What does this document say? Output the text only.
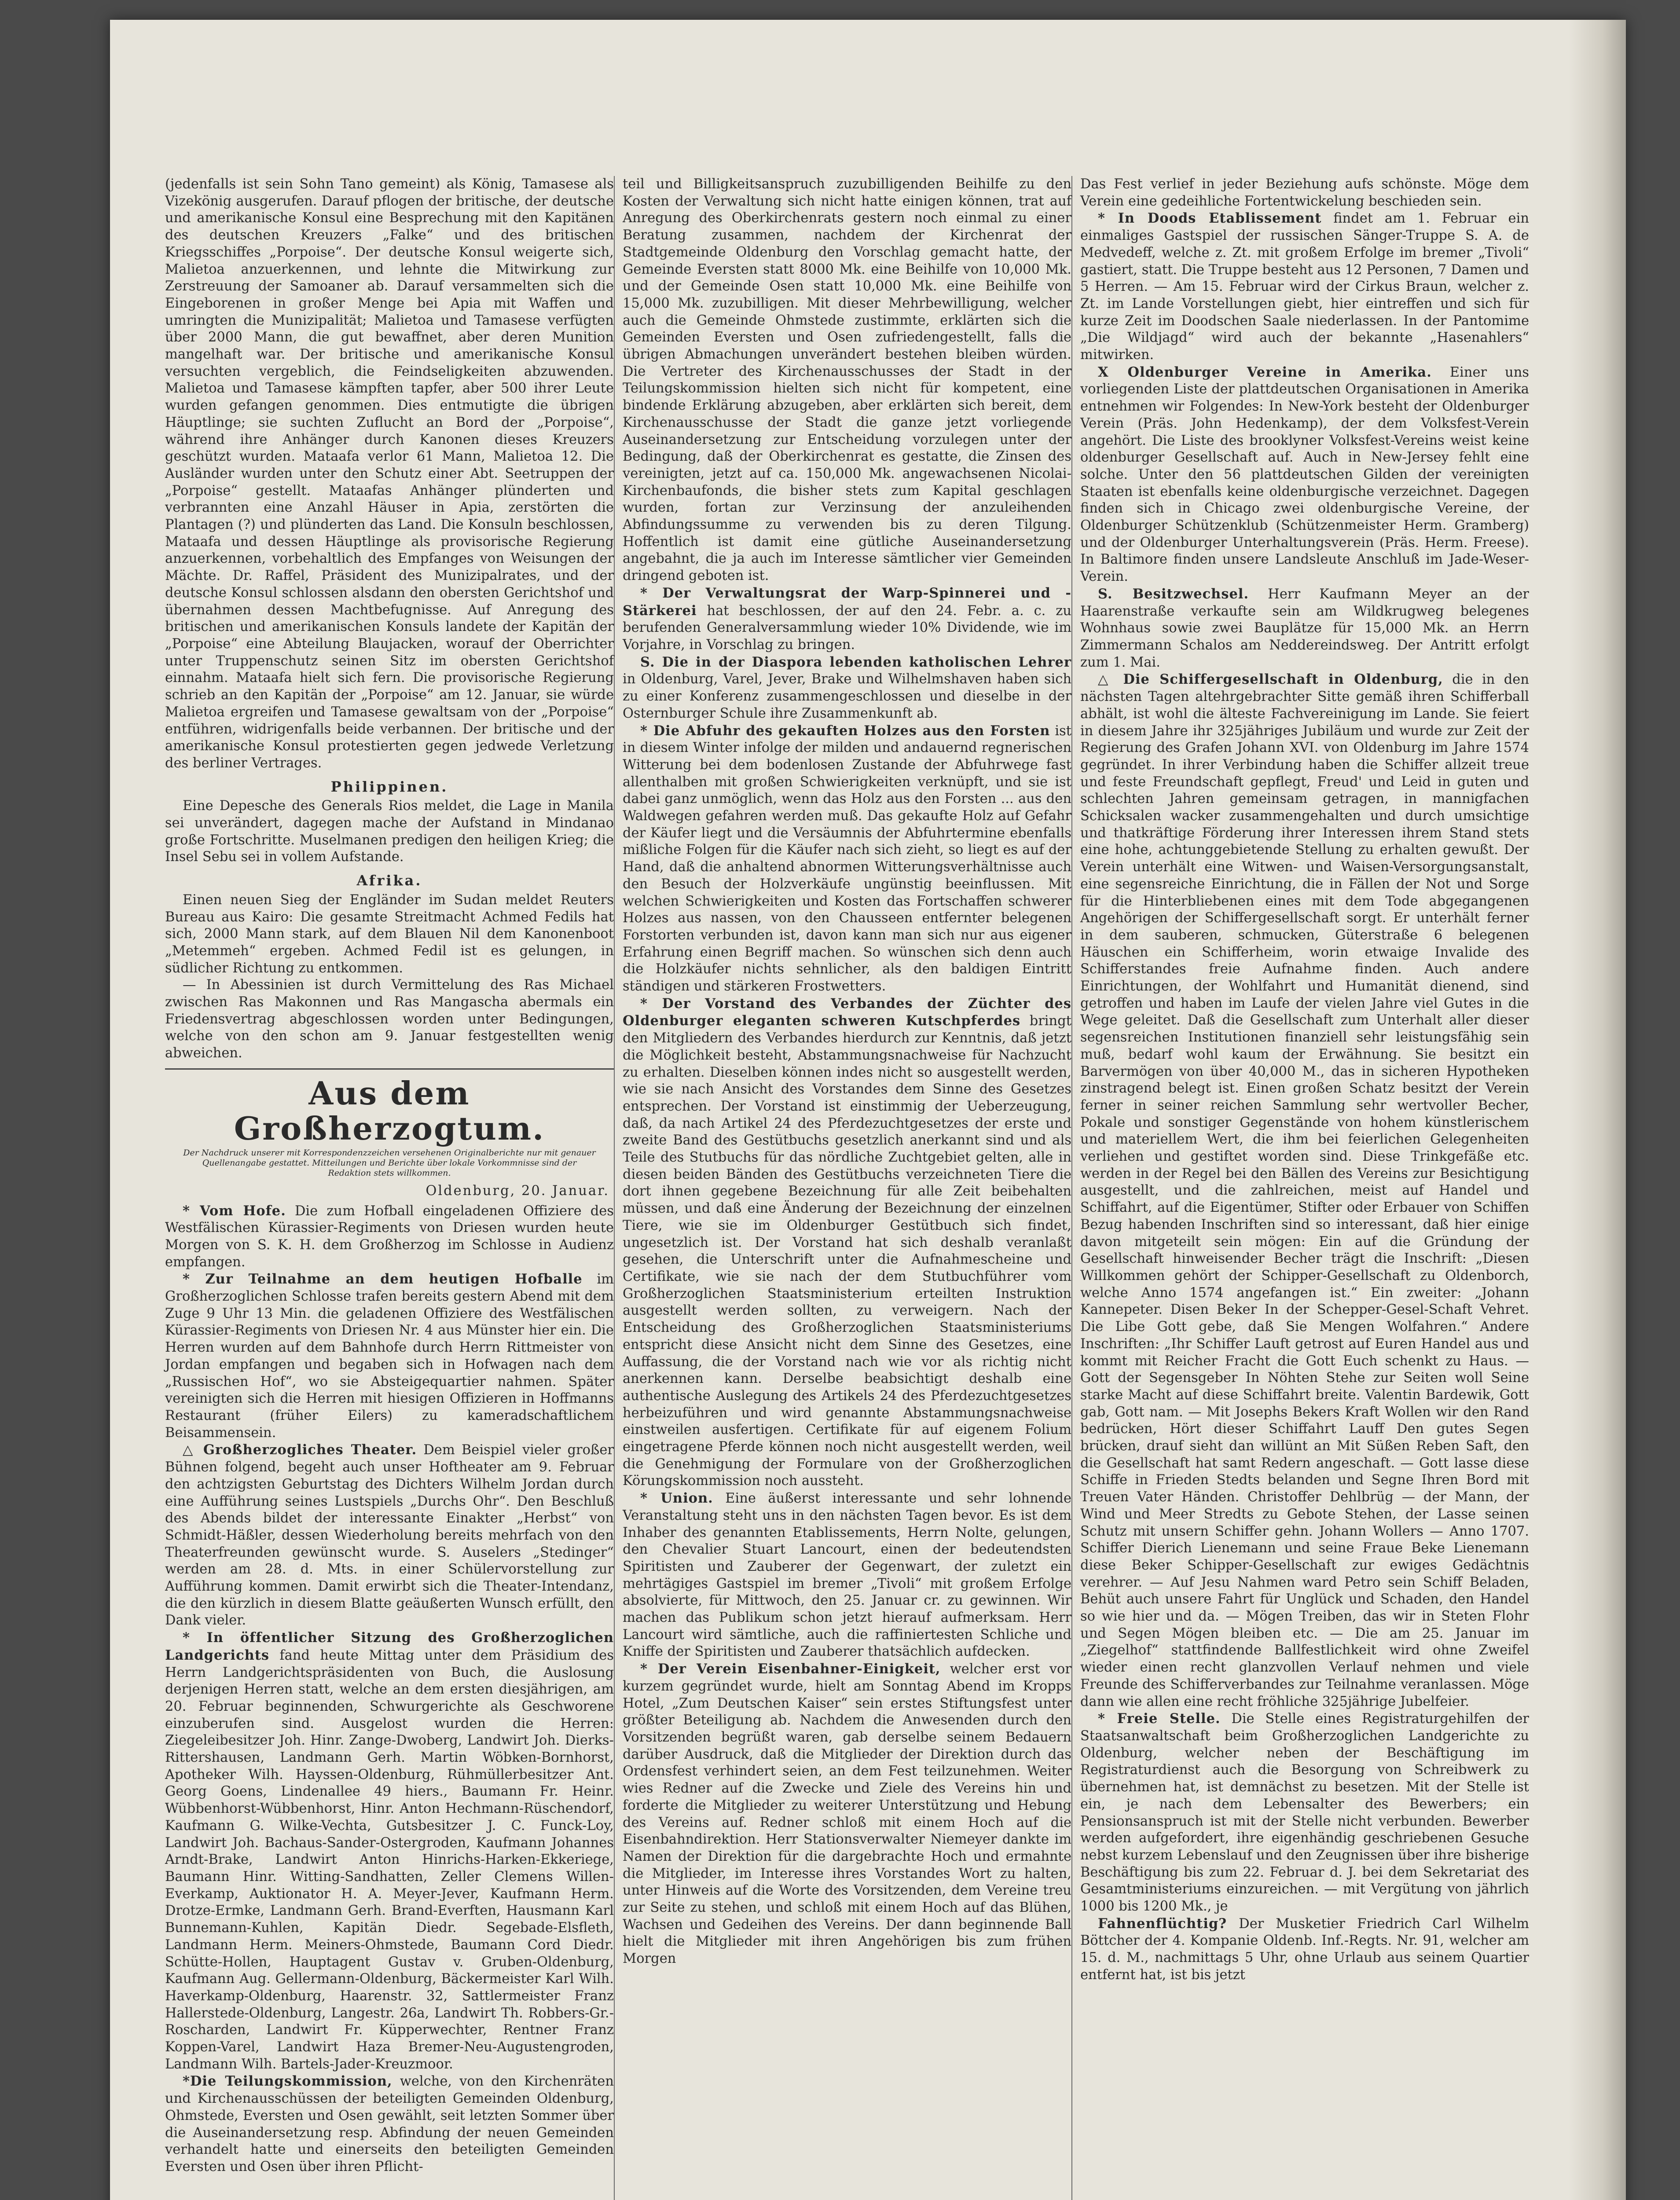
(jedenfalls ist sein Sohn Tano gemeint) als König, Tamasese als Vizekönig ausgerufen. Darauf pflogen der britische, der deutsche und amerikanische Konsul eine Besprechung mit den Kapitänen des deutschen Kreuzers „Falke“ und des britischen Kriegsschiffes „Porpoise“. Der deutsche Konsul weigerte sich, Malietoa anzuerkennen, und lehnte die Mitwirkung zur Zerstreuung der Samoaner ab. Darauf versammelten sich die Eingeborenen in großer Menge bei Apia mit Waffen und umringten die Munizipalität; Malietoa und Tamasese verfügten über 2000 Mann, die gut bewaffnet, aber deren Munition mangelhaft war. Der britische und amerikanische Konsul versuchten vergeblich, die Feindseligkeiten abzuwenden. Malietoa und Tamasese kämpften tapfer, aber 500 ihrer Leute wurden gefangen genommen. Dies entmutigte die übrigen Häuptlinge; sie suchten Zuflucht an Bord der „Porpoise“, während ihre Anhänger durch Kanonen dieses Kreuzers geschützt wurden. Mataafa verlor 61 Mann, Malietoa 12. Die Ausländer wurden unter den Schutz einer Abt. Seetruppen der „Porpoise“ gestellt. Mataafas Anhänger plünderten und verbrannten eine Anzahl Häuser in Apia, zerstörten die Plantagen (?) und plünderten das Land. Die Konsuln beschlossen, Mataafa und dessen Häuptlinge als provisorische Regierung anzuerkennen, vorbehaltlich des Empfanges von Weisungen der Mächte. Dr. Raffel, Präsident des Munizipalrates, und der deutsche Konsul schlossen alsdann den obersten Gerichtshof und übernahmen dessen Machtbefugnisse. Auf Anregung des britischen und amerikanischen Konsuls landete der Kapitän der „Porpoise“ eine Abteilung Blaujacken, worauf der Oberrichter unter Truppenschutz seinen Sitz im obersten Gerichtshof einnahm. Mataafa hielt sich fern. Die provisorische Regierung schrieb an den Kapitän der „Porpoise“ am 12. Januar, sie würde Malietoa ergreifen und Tamasese gewaltsam von der „Porpoise“ entführen, widrigenfalls beide verbannen. Der britische und der amerikanische Konsul protestierten gegen jedwede Verletzung des berliner Vertrages.

Philippinen.

Eine Depesche des Generals Rios meldet, die Lage in Manila sei unverändert, dagegen mache der Aufstand in Mindanao große Fortschritte. Muselmanen predigen den heiligen Krieg; die Insel Sebu sei in vollem Aufstande.

Afrika.

Einen neuen Sieg der Engländer im Sudan meldet Reuters Bureau aus Kairo: Die gesamte Streitmacht Achmed Fedils hat sich, 2000 Mann stark, auf dem Blauen Nil dem Kanonenboot „Metemmeh“ ergeben. Achmed Fedil ist es gelungen, in südlicher Richtung zu entkommen.

— In Abessinien ist durch Vermittelung des Ras Michael zwischen Ras Makonnen und Ras Mangascha abermals ein Friedensvertrag abgeschlossen worden unter Bedingungen, welche von den schon am 9. Januar festgestellten wenig abweichen.

Aus dem Großherzogtum.
Der Nachdruck unserer mit Korrespondenzzeichen versehenen Originalberichte nur mit genauer Quellenangabe gestattet. Mitteilungen und Berichte über lokale Vorkommnisse sind der Redaktion stets willkommen.
Oldenburg, 20. Januar.

* Vom Hofe. Die zum Hofball eingeladenen Offiziere des Westfälischen Kürassier-Regiments von Driesen wurden heute Morgen von S. K. H. dem Großherzog im Schlosse in Audienz empfangen.

* Zur Teilnahme an dem heutigen Hofballe im Großherzoglichen Schlosse trafen bereits gestern Abend mit dem Zuge 9 Uhr 13 Min. die geladenen Offiziere des Westfälischen Kürassier-Regiments von Driesen Nr. 4 aus Münster hier ein. Die Herren wurden auf dem Bahnhofe durch Herrn Rittmeister von Jordan empfangen und begaben sich in Hofwagen nach dem „Russischen Hof“, wo sie Absteigequartier nahmen. Später vereinigten sich die Herren mit hiesigen Offizieren in Hoffmanns Restaurant (früher Eilers) zu kameradschaftlichem Beisammensein.

△ Großherzogliches Theater. Dem Beispiel vieler großer Bühnen folgend, begeht auch unser Hoftheater am 9. Februar den achtzigsten Geburtstag des Dichters Wilhelm Jordan durch eine Aufführung seines Lustspiels „Durchs Ohr“. Den Beschluß des Abends bildet der interessante Einakter „Herbst“ von Schmidt-Häßler, dessen Wiederholung bereits mehrfach von den Theaterfreunden gewünscht wurde. S. Auselers „Stedinger“ werden am 28. d. Mts. in einer Schülervorstellung zur Aufführung kommen. Damit erwirbt sich die Theater-Intendanz, die den kürzlich in diesem Blatte geäußerten Wunsch erfüllt, den Dank vieler.

* In öffentlicher Sitzung des Großherzoglichen Landgerichts fand heute Mittag unter dem Präsidium des Herrn Landgerichtspräsidenten von Buch, die Auslosung derjenigen Herren statt, welche an dem ersten diesjährigen, am 20. Februar beginnenden, Schwurgerichte als Geschworene einzuberufen sind. Ausgelost wurden die Herren: Ziegeleibesitzer Joh. Hinr. Zange-Dwoberg, Landwirt Joh. Dierks-Rittershausen, Landmann Gerh. Martin Wöbken-Bornhorst, Apotheker Wilh. Hayssen-Oldenburg, Rühmüllerbesitzer Ant. Georg Goens, Lindenallee 49 hiers., Baumann Fr. Heinr. Wübbenhorst-Wübbenhorst, Hinr. Anton Hechmann-Rüschendorf, Kaufmann G. Wilke-Vechta, Gutsbesitzer J. C. Funck-Loy, Landwirt Joh. Bachaus-Sander-Ostergroden, Kaufmann Johannes Arndt-Brake, Landwirt Anton Hinrichs-Harken-Ekkeriege, Baumann Hinr. Witting-Sandhatten, Zeller Clemens Willen-Everkamp, Auktionator H. A. Meyer-Jever, Kaufmann Herm. Drotze-Ermke, Landmann Gerh. Brand-Everften, Hausmann Karl Bunnemann-Kuhlen, Kapitän Diedr. Segebade-Elsfleth, Landmann Herm. Meiners-Ohmstede, Baumann Cord Diedr. Schütte-Hollen, Hauptagent Gustav v. Gruben-Oldenburg, Kaufmann Aug. Gellermann-Oldenburg, Bäckermeister Karl Wilh. Haverkamp-Oldenburg, Haarenstr. 32, Sattlermeister Franz Hallerstede-Oldenburg, Langestr. 26a, Landwirt Th. Robbers-Gr.-Roscharden, Landwirt Fr. Küpperwechter, Rentner Franz Koppen-Varel, Landwirt Haza Bremer-Neu-Augustengroden, Landmann Wilh. Bartels-Jader-Kreuzmoor.

*Die Teilungskommission, welche, von den Kirchenräten und Kirchenausschüssen der beteiligten Gemeinden Oldenburg, Ohmstede, Eversten und Osen gewählt, seit letzten Sommer über die Auseinandersetzung resp. Abfindung der neuen Gemeinden verhandelt hatte und einerseits den beteiligten Gemeinden Eversten und Osen über ihren Pflicht-

teil und Billigkeitsanspruch zuzubilligenden Beihilfe zu den Kosten der Verwaltung sich nicht hatte einigen können, trat auf Anregung des Oberkirchenrats gestern noch einmal zu einer Beratung zusammen, nachdem der Kirchenrat der Stadtgemeinde Oldenburg den Vorschlag gemacht hatte, der Gemeinde Eversten statt 8000 Mk. eine Beihilfe von 10,000 Mk. und der Gemeinde Osen statt 10,000 Mk. eine Beihilfe von 15,000 Mk. zuzubilligen. Mit dieser Mehrbewilligung, welcher auch die Gemeinde Ohmstede zustimmte, erklärten sich die Gemeinden Eversten und Osen zufriedengestellt, falls die übrigen Abmachungen unverändert bestehen bleiben würden. Die Vertreter des Kirchenausschusses der Stadt in der Teilungskommission hielten sich nicht für kompetent, eine bindende Erklärung abzugeben, aber erklärten sich bereit, dem Kirchenausschusse der Stadt die ganze jetzt vorliegende Auseinandersetzung zur Entscheidung vorzulegen unter der Bedingung, daß der Oberkirchenrat es gestatte, die Zinsen des vereinigten, jetzt auf ca. 150,000 Mk. angewachsenen Nicolai-Kirchenbaufonds, die bisher stets zum Kapital geschlagen wurden, fortan zur Verzinsung der anzuleihenden Abfindungssumme zu verwenden bis zu deren Tilgung. Hoffentlich ist damit eine gütliche Auseinandersetzung angebahnt, die ja auch im Interesse sämtlicher vier Gemeinden dringend geboten ist.

* Der Verwaltungsrat der Warp-Spinnerei und -Stärkerei hat beschlossen, der auf den 24. Febr. a. c. zu berufenden Generalversammlung wieder 10% Dividende, wie im Vorjahre, in Vorschlag zu bringen.

S. Die in der Diaspora lebenden katholischen Lehrer in Oldenburg, Varel, Jever, Brake und Wilhelmshaven haben sich zu einer Konferenz zusammengeschlossen und dieselbe in der Osternburger Schule ihre Zusammenkunft ab.

* Die Abfuhr des gekauften Holzes aus den Forsten ist in diesem Winter infolge der milden und andauernd regnerischen Witterung bei dem bodenlosen Zustande der Abfuhrwege fast allenthalben mit großen Schwierigkeiten verknüpft, und sie ist dabei ganz unmöglich, wenn das Holz aus den Forsten ... aus den Waldwegen gefahren werden muß. Das gekaufte Holz auf Gefahr der Käufer liegt und die Versäumnis der Abfuhrtermine ebenfalls mißliche Folgen für die Käufer nach sich zieht, so liegt es auf der Hand, daß die anhaltend abnormen Witterungsverhältnisse auch den Besuch der Holzverkäufe ungünstig beeinflussen. Mit welchen Schwierigkeiten und Kosten das Fortschaffen schwerer Holzes aus nassen, von den Chausseen entfernter belegenen Forstorten verbunden ist, davon kann man sich nur aus eigener Erfahrung einen Begriff machen. So wünschen sich denn auch die Holzkäufer nichts sehnlicher, als den baldigen Eintritt ständigen und stärkeren Frostwetters.

* Der Vorstand des Verbandes der Züchter des Oldenburger eleganten schweren Kutschpferdes bringt den Mitgliedern des Verbandes hierdurch zur Kenntnis, daß jetzt die Möglichkeit besteht, Abstammungsnachweise für Nachzucht zu erhalten. Dieselben können indes nicht so ausgestellt werden, wie sie nach Ansicht des Vorstandes dem Sinne des Gesetzes entsprechen. Der Vorstand ist einstimmig der Ueberzeugung, daß, da nach Artikel 24 des Pferdezuchtgesetzes der erste und zweite Band des Gestütbuchs gesetzlich anerkannt sind und als Teile des Stutbuchs für das nördliche Zuchtgebiet gelten, alle in diesen beiden Bänden des Gestütbuchs verzeichneten Tiere die dort ihnen gegebene Bezeichnung für alle Zeit beibehalten müssen, und daß eine Änderung der Bezeichnung der einzelnen Tiere, wie sie im Oldenburger Gestütbuch sich findet, ungesetzlich ist. Der Vorstand hat sich deshalb veranlaßt gesehen, die Unterschrift unter die Aufnahmescheine und Certifikate, wie sie nach der dem Stutbuchführer vom Großherzoglichen Staatsministerium erteilten Instruktion ausgestellt werden sollten, zu verweigern. Nach der Entscheidung des Großherzoglichen Staatsministeriums entspricht diese Ansicht nicht dem Sinne des Gesetzes, eine Auffassung, die der Vorstand nach wie vor als richtig nicht anerkennen kann. Derselbe beabsichtigt deshalb eine authentische Auslegung des Artikels 24 des Pferdezuchtgesetzes herbeizuführen und wird genannte Abstammungsnachweise einstweilen ausfertigen. Certifikate für auf eigenem Folium eingetragene Pferde können noch nicht ausgestellt werden, weil die Genehmigung der Formulare von der Großherzoglichen Körungskommission noch aussteht.

* Union. Eine äußerst interessante und sehr lohnende Veranstaltung steht uns in den nächsten Tagen bevor. Es ist dem Inhaber des genannten Etablissements, Herrn Nolte, gelungen, den Chevalier Stuart Lancourt, einen der bedeutendsten Spiritisten und Zauberer der Gegenwart, der zuletzt ein mehrtägiges Gastspiel im bremer „Tivoli“ mit großem Erfolge absolvierte, für Mittwoch, den 25. Januar cr. zu gewinnen. Wir machen das Publikum schon jetzt hierauf aufmerksam. Herr Lancourt wird sämtliche, auch die raffiniertesten Schliche und Kniffe der Spiritisten und Zauberer thatsächlich aufdecken.

* Der Verein Eisenbahner-Einigkeit, welcher erst vor kurzem gegründet wurde, hielt am Sonntag Abend im Kropps Hotel, „Zum Deutschen Kaiser“ sein erstes Stiftungsfest unter größter Beteiligung ab. Nachdem die Anwesenden durch den Vorsitzenden begrüßt waren, gab derselbe seinem Bedauern darüber Ausdruck, daß die Mitglieder der Direktion durch das Ordensfest verhindert seien, an dem Fest teilzunehmen. Weiter wies Redner auf die Zwecke und Ziele des Vereins hin und forderte die Mitglieder zu weiterer Unterstützung und Hebung des Vereins auf. Redner schloß mit einem Hoch auf die Eisenbahndirektion. Herr Stationsverwalter Niemeyer dankte im Namen der Direktion für die dargebrachte Hoch und ermahnte die Mitglieder, im Interesse ihres Vorstandes Wort zu halten, unter Hinweis auf die Worte des Vorsitzenden, dem Vereine treu zur Seite zu stehen, und schloß mit einem Hoch auf das Blühen, Wachsen und Gedeihen des Vereins. Der dann beginnende Ball hielt die Mitglieder mit ihren Angehörigen bis zum frühen Morgen

Das Fest verlief in jeder Beziehung aufs schönste. Möge dem Verein eine gedeihliche Fortentwickelung beschieden sein.

* In Doods Etablissement findet am 1. Februar ein einmaliges Gastspiel der russischen Sänger-Truppe S. A. de Medvedeff, welche z. Zt. mit großem Erfolge im bremer „Tivoli“ gastiert, statt. Die Truppe besteht aus 12 Personen, 7 Damen und 5 Herren. — Am 15. Februar wird der Cirkus Braun, welcher z. Zt. im Lande Vorstellungen giebt, hier eintreffen und sich für kurze Zeit im Doodschen Saale niederlassen. In der Pantomime „Die Wildjagd“ wird auch der bekannte „Hasenahlers“ mitwirken.

X Oldenburger Vereine in Amerika. Einer uns vorliegenden Liste der plattdeutschen Organisationen in Amerika entnehmen wir Folgendes: In New-York besteht der Oldenburger Verein (Präs. John Hedenkamp), der dem Volksfest-Verein angehört. Die Liste des brooklyner Volksfest-Vereins weist keine oldenburger Gesellschaft auf. Auch in New-Jersey fehlt eine solche. Unter den 56 plattdeutschen Gilden der vereinigten Staaten ist ebenfalls keine oldenburgische verzeichnet. Dagegen finden sich in Chicago zwei oldenburgische Vereine, der Oldenburger Schützenklub (Schützenmeister Herm. Gramberg) und der Oldenburger Unterhaltungsverein (Präs. Herm. Freese). In Baltimore finden unsere Landsleute Anschluß im Jade-Weser-Verein.

S. Besitzwechsel. Herr Kaufmann Meyer an der Haarenstraße verkaufte sein am Wildkrugweg belegenes Wohnhaus sowie zwei Bauplätze für 15,000 Mk. an Herrn Zimmermann Schalos am Neddereindsweg. Der Antritt erfolgt zum 1. Mai.

△ Die Schiffergesellschaft in Oldenburg, die in den nächsten Tagen altehrgebrachter Sitte gemäß ihren Schifferball abhält, ist wohl die älteste Fachvereinigung im Lande. Sie feiert in diesem Jahre ihr 325jähriges Jubiläum und wurde zur Zeit der Regierung des Grafen Johann XVI. von Oldenburg im Jahre 1574 gegründet. In ihrer Verbindung haben die Schiffer allzeit treue und feste Freundschaft gepflegt, Freud' und Leid in guten und schlechten Jahren gemeinsam getragen, in mannigfachen Schicksalen wacker zusammengehalten und durch umsichtige und thatkräftige Förderung ihrer Interessen ihrem Stand stets eine hohe, achtunggebietende Stellung zu erhalten gewußt. Der Verein unterhält eine Witwen- und Waisen-Versorgungsanstalt, eine segensreiche Einrichtung, die in Fällen der Not und Sorge für die Hinterbliebenen eines mit dem Tode abgegangenen Angehörigen der Schiffergesellschaft sorgt. Er unterhält ferner in dem sauberen, schmucken, Güterstraße 6 belegenen Häuschen ein Schifferheim, worin etwaige Invalide des Schifferstandes freie Aufnahme finden. Auch andere Einrichtungen, der Wohlfahrt und Humanität dienend, sind getroffen und haben im Laufe der vielen Jahre viel Gutes in die Wege geleitet. Daß die Gesellschaft zum Unterhalt aller dieser segensreichen Institutionen finanziell sehr leistungsfähig sein muß, bedarf wohl kaum der Erwähnung. Sie besitzt ein Barvermögen von über 40,000 M., das in sicheren Hypotheken zinstragend belegt ist. Einen großen Schatz besitzt der Verein ferner in seiner reichen Sammlung sehr wertvoller Becher, Pokale und sonstiger Gegenstände von hohem künstlerischem und materiellem Wert, die ihm bei feierlichen Gelegenheiten verliehen und gestiftet worden sind. Diese Trinkgefäße etc. werden in der Regel bei den Bällen des Vereins zur Besichtigung ausgestellt, und die zahlreichen, meist auf Handel und Schiffahrt, auf die Eigentümer, Stifter oder Erbauer von Schiffen Bezug habenden Inschriften sind so interessant, daß hier einige davon mitgeteilt sein mögen: Ein auf die Gründung der Gesellschaft hinweisender Becher trägt die Inschrift: „Diesen Willkommen gehört der Schipper-Gesellschaft zu Oldenborch, welche Anno 1574 angefangen ist.“ Ein zweiter: „Johann Kannepeter. Disen Beker In der Schepper-Gesel-Schaft Vehret. Die Libe Gott gebe, daß Sie Mengen Wolfahren.“ Andere Inschriften: „Ihr Schiffer Lauft getrost auf Euren Handel aus und kommt mit Reicher Fracht die Gott Euch schenkt zu Haus. — Gott der Segensgeber In Nöhten Stehe zur Seiten woll Seine starke Macht auf diese Schiffahrt breite. Valentin Bardewik, Gott gab, Gott nam. — Mit Josephs Bekers Kraft Wollen wir den Rand bedrücken, Hört dieser Schiffahrt Lauff Den gutes Segen brücken, drauf sieht dan willünt an Mit Süßen Reben Saft, den die Gesellschaft hat samt Redern angeschaft. — Gott lasse diese Schiffe in Frieden Stedts belanden und Segne Ihren Bord mit Treuen Vater Händen. Christoffer Dehlbrüg — der Mann, der Wind und Meer Stredts zu Gebote Stehen, der Lasse seinen Schutz mit unsern Schiffer gehn. Johann Wollers — Anno 1707. Schiffer Dierich Lienemann und seine Fraue Beke Lienemann diese Beker Schipper-Gesellschaft zur ewiges Gedächtnis verehrer. — Auf Jesu Nahmen ward Petro sein Schiff Beladen, Behüt auch unsere Fahrt für Unglück und Schaden, den Handel so wie hier und da. — Mögen Treiben, das wir in Steten Flohr und Segen Mögen bleiben etc. — Die am 25. Januar im „Ziegelhof“ stattfindende Ballfestlichkeit wird ohne Zweifel wieder einen recht glanzvollen Verlauf nehmen und viele Freunde des Schifferverbandes zur Teilnahme veranlassen. Möge dann wie allen eine recht fröhliche 325jährige Jubelfeier.

* Freie Stelle. Die Stelle eines Registraturgehilfen der Staatsanwaltschaft beim Großherzoglichen Landgerichte zu Oldenburg, welcher neben der Beschäftigung im Registraturdienst auch die Besorgung von Schreibwerk zu übernehmen hat, ist demnächst zu besetzen. Mit der Stelle ist ein, je nach dem Lebensalter des Bewerbers; ein Pensionsanspruch ist mit der Stelle nicht verbunden. Bewerber werden aufgefordert, ihre eigenhändig geschriebenen Gesuche nebst kurzem Lebenslauf und den Zeugnissen über ihre bisherige Beschäftigung bis zum 22. Februar d. J. bei dem Sekretariat des Gesamtministeriums einzureichen. — mit Vergütung von jährlich 1000 bis 1200 Mk., je

Fahnenflüchtig? Der Musketier Friedrich Carl Wilhelm Böttcher der 4. Kompanie Oldenb. Inf.-Regts. Nr. 91, welcher am 15. d. M., nachmittags 5 Uhr, ohne Urlaub aus seinem Quartier entfernt hat, ist bis jetzt
